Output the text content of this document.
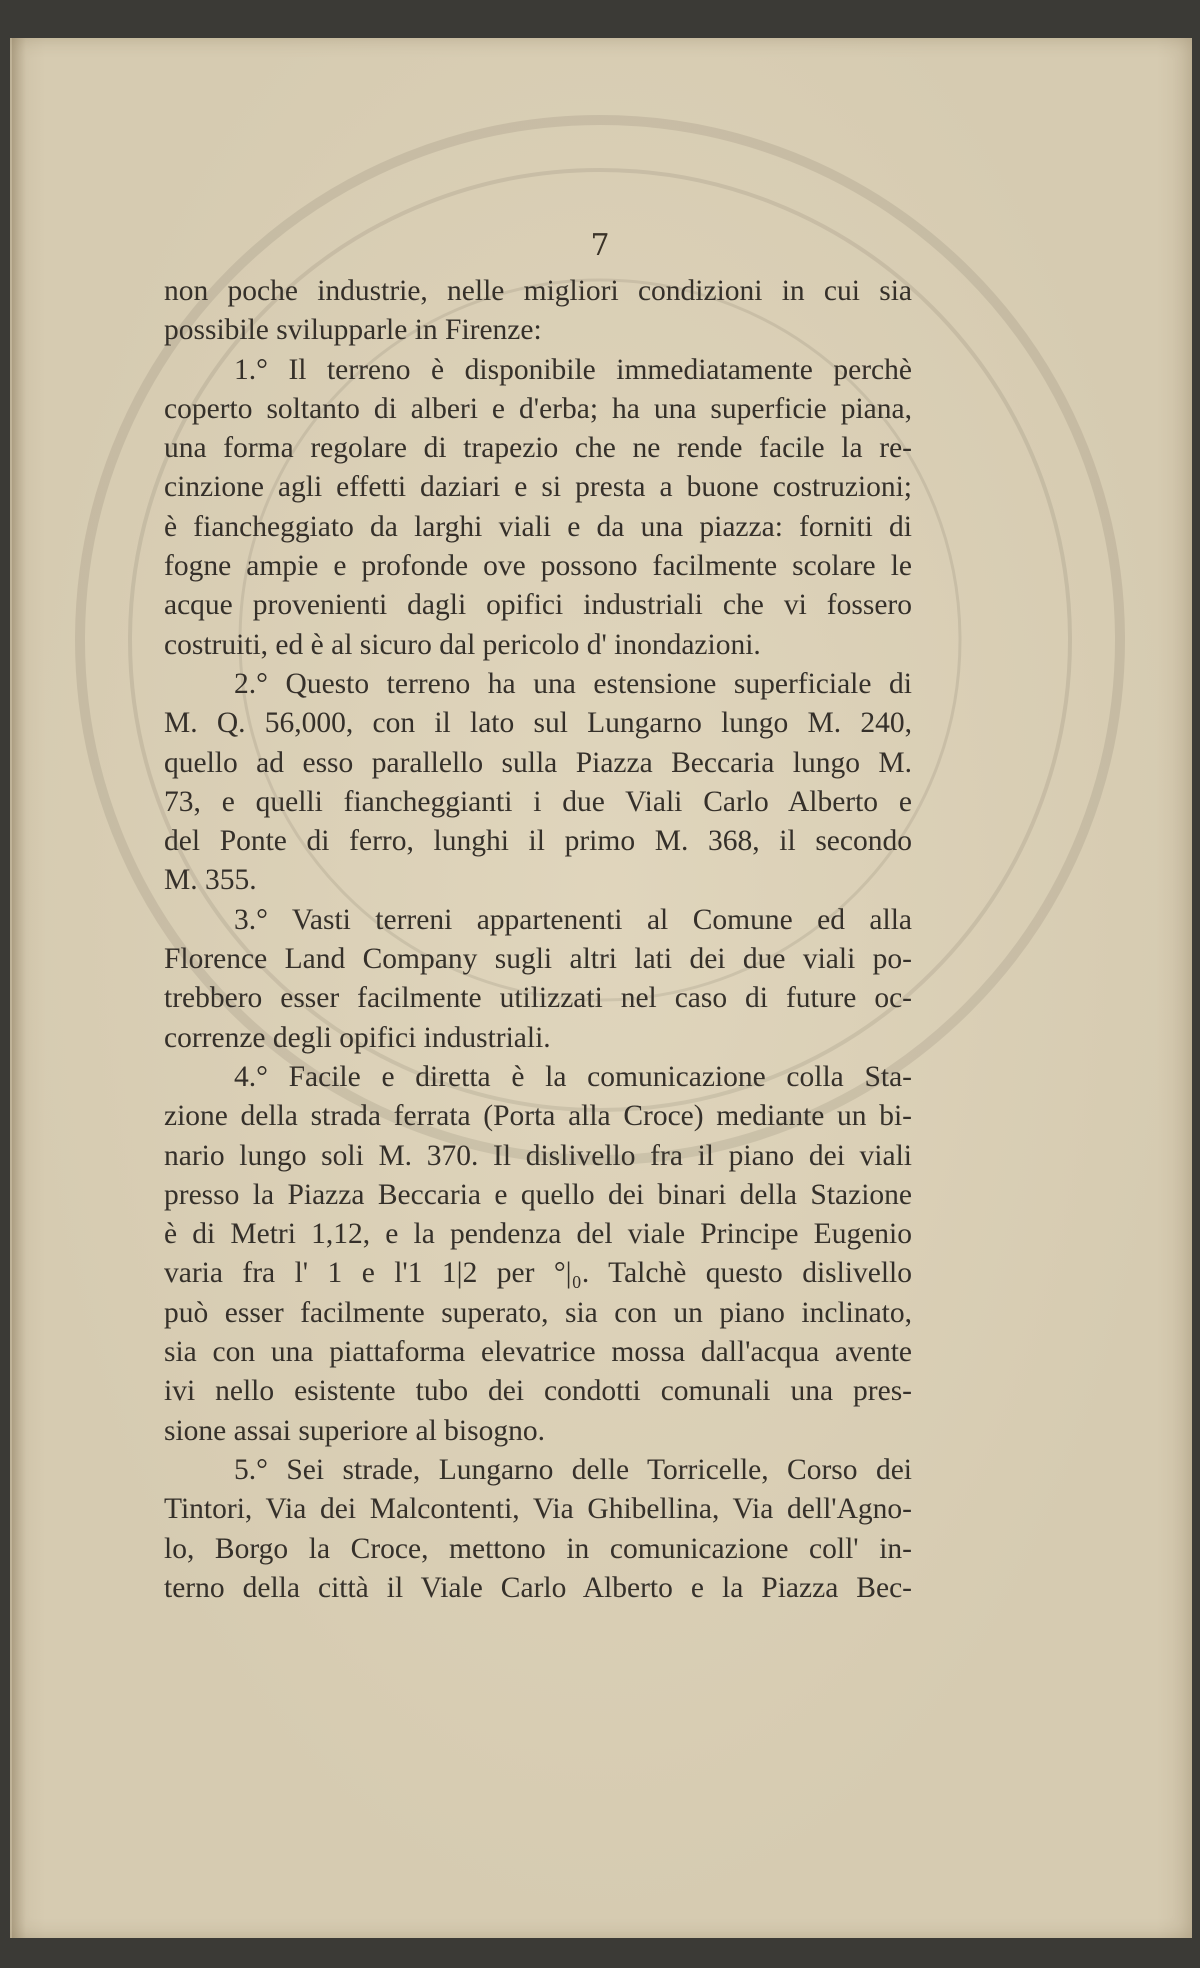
7
non poche industrie, nelle migliori condizioni in cui sia
possibile svilupparle in Firenze:
1.° Il terreno è disponibile immediatamente perchè
coperto soltanto di alberi e d'erba; ha una superficie piana,
una forma regolare di trapezio che ne rende facile la re-
cinzione agli effetti daziari e si presta a buone costruzioni;
è fiancheggiato da larghi viali e da una piazza: forniti di
fogne ampie e profonde ove possono facilmente scolare le
acque provenienti dagli opifici industriali che vi fossero
costruiti, ed è al sicuro dal pericolo d' inondazioni.
2.° Questo terreno ha una estensione superficiale di
M. Q. 56,000, con il lato sul Lungarno lungo M. 240,
quello ad esso parallello sulla Piazza Beccaria lungo M.
73, e quelli fiancheggianti i due Viali Carlo Alberto e
del Ponte di ferro, lunghi il primo M. 368, il secondo
M. 355.
3.° Vasti terreni appartenenti al Comune ed alla
Florence Land Company sugli altri lati dei due viali po-
trebbero esser facilmente utilizzati nel caso di future oc-
correnze degli opifici industriali.
4.° Facile e diretta è la comunicazione colla Sta-
zione della strada ferrata (Porta alla Croce) mediante un bi-
nario lungo soli M. 370. Il dislivello fra il piano dei viali
presso la Piazza Beccaria e quello dei binari della Stazione
è di Metri 1,12, e la pendenza del viale Principe Eugenio
varia fra l' 1 e l'1 1|2 per °|₀. Talchè questo dislivello
può esser facilmente superato, sia con un piano inclinato,
sia con una piattaforma elevatrice mossa dall'acqua avente
ivi nello esistente tubo dei condotti comunali una pres-
sione assai superiore al bisogno.
5.° Sei strade, Lungarno delle Torricelle, Corso dei
Tintori, Via dei Malcontenti, Via Ghibellina, Via dell'Agno-
lo, Borgo la Croce, mettono in comunicazione coll' in-
terno della città il Viale Carlo Alberto e la Piazza Bec-
